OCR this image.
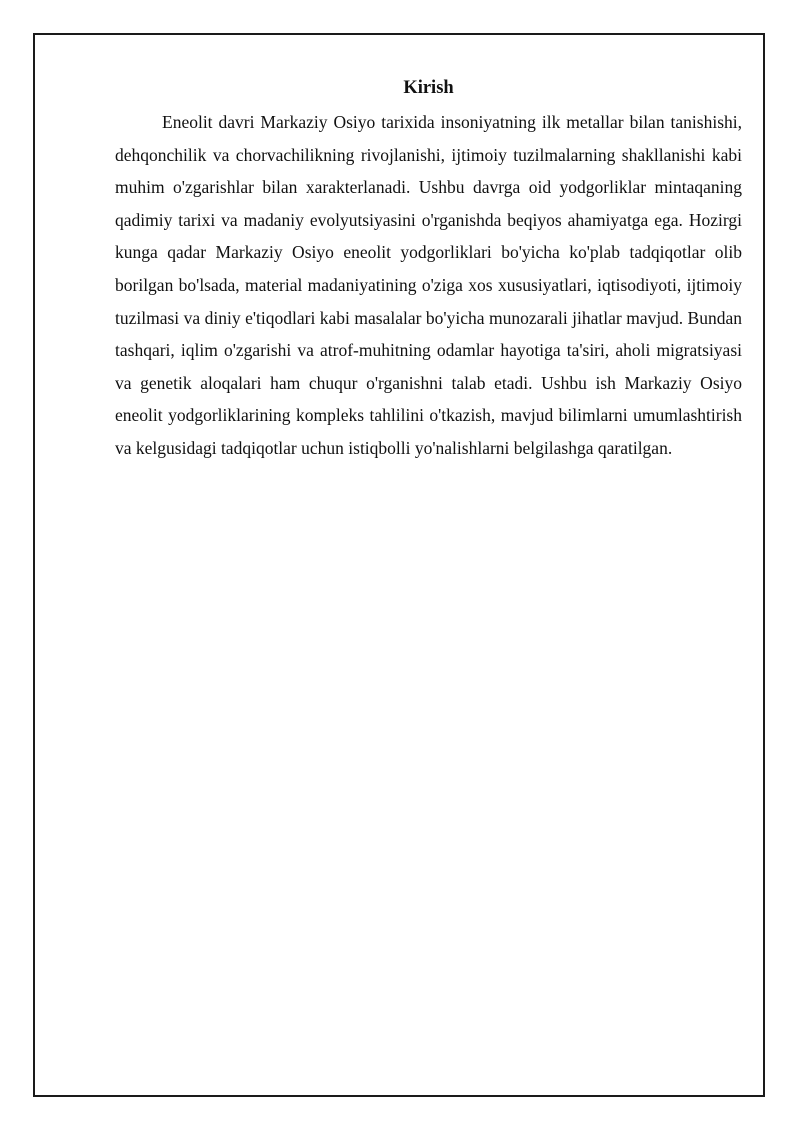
Kirish

Eneolit davri Markaziy Osiyo tarixida insoniyatning ilk metallar bilan tanishishi, dehqonchilik va chorvachilikning rivojlanishi, ijtimoiy tuzilmalarning shakllanishi kabi muhim o'zgarishlar bilan xarakterlanadi. Ushbu davrga oid yodgorliklar mintaqaning qadimiy tarixi va madaniy evolyutsiyasini o'rganishda beqiyos ahamiyatga ega. Hozirgi kunga qadar Markaziy Osiyo eneolit yodgorliklari bo'yicha ko'plab tadqiqotlar olib borilgan bo'lsada, material madaniyatining o'ziga xos xususiyatlari, iqtisodiyoti, ijtimoiy tuzilmasi va diniy e'tiqodlari kabi masalalar bo'yicha munozarali jihatlar mavjud. Bundan tashqari, iqlim o'zgarishi va atrof-muhitning odamlar hayotiga ta'siri, aholi migratsiyasi va genetik aloqalari ham chuqur o'rganishni talab etadi. Ushbu ish Markaziy Osiyo eneolit yodgorliklarining kompleks tahlilini o'tkazish, mavjud bilimlarni umumlashtirish va kelgusidagi tadqiqotlar uchun istiqbolli yo'nalishlarni belgilashga qaratilgan.
